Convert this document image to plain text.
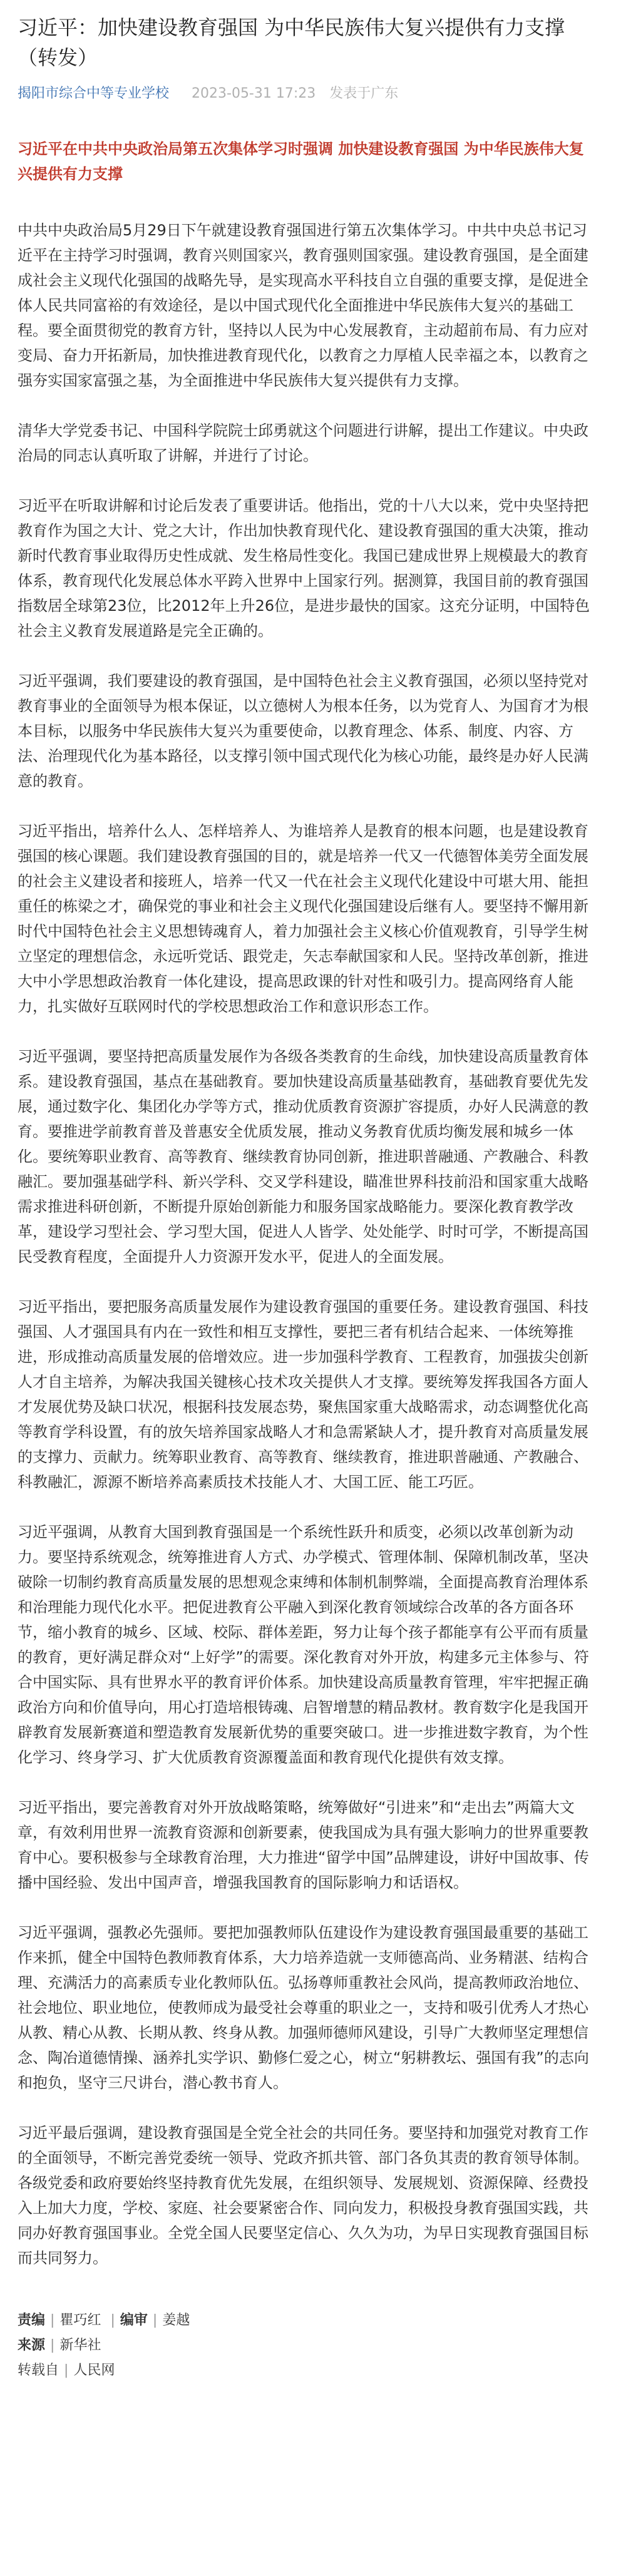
习近平：加快建设教育强国 为中华民族伟大复兴提供有力支撑（转发）
揭阳市综合中等专业学校 2023-05-31 17:23 发表于广东
习近平在中共中央政治局第五次集体学习时强调 加快建设教育强国 为中华民族伟大复兴提供有力支撑

中共中央政治局5月29日下午就建设教育强国进行第五次集体学习。中共中央总书记习近平在主持学习时强调，教育兴则国家兴，教育强则国家强。建设教育强国，是全面建成社会主义现代化强国的战略先导，是实现高水平科技自立自强的重要支撑，是促进全体人民共同富裕的有效途径，是以中国式现代化全面推进中华民族伟大复兴的基础工程。要全面贯彻党的教育方针，坚持以人民为中心发展教育，主动超前布局、有力应对变局、奋力开拓新局，加快推进教育现代化，以教育之力厚植人民幸福之本，以教育之强夯实国家富强之基，为全面推进中华民族伟大复兴提供有力支撑。

清华大学党委书记、中国科学院院士邱勇就这个问题进行讲解，提出工作建议。中央政治局的同志认真听取了讲解，并进行了讨论。

习近平在听取讲解和讨论后发表了重要讲话。他指出，党的十八大以来，党中央坚持把教育作为国之大计、党之大计，作出加快教育现代化、建设教育强国的重大决策，推动新时代教育事业取得历史性成就、发生格局性变化。我国已建成世界上规模最大的教育体系，教育现代化发展总体水平跨入世界中上国家行列。据测算，我国目前的教育强国指数居全球第23位，比2012年上升26位，是进步最快的国家。这充分证明，中国特色社会主义教育发展道路是完全正确的。

习近平强调，我们要建设的教育强国，是中国特色社会主义教育强国，必须以坚持党对教育事业的全面领导为根本保证，以立德树人为根本任务，以为党育人、为国育才为根本目标，以服务中华民族伟大复兴为重要使命，以教育理念、体系、制度、内容、方法、治理现代化为基本路径，以支撑引领中国式现代化为核心功能，最终是办好人民满意的教育。

习近平指出，培养什么人、怎样培养人、为谁培养人是教育的根本问题，也是建设教育强国的核心课题。我们建设教育强国的目的，就是培养一代又一代德智体美劳全面发展的社会主义建设者和接班人，培养一代又一代在社会主义现代化建设中可堪大用、能担重任的栋梁之才，确保党的事业和社会主义现代化强国建设后继有人。要坚持不懈用新时代中国特色社会主义思想铸魂育人，着力加强社会主义核心价值观教育，引导学生树立坚定的理想信念，永远听党话、跟党走，矢志奉献国家和人民。坚持改革创新，推进大中小学思想政治教育一体化建设，提高思政课的针对性和吸引力。提高网络育人能力，扎实做好互联网时代的学校思想政治工作和意识形态工作。

习近平强调，要坚持把高质量发展作为各级各类教育的生命线，加快建设高质量教育体系。建设教育强国，基点在基础教育。要加快建设高质量基础教育，基础教育要优先发展，通过数字化、集团化办学等方式，推动优质教育资源扩容提质，办好人民满意的教育。要推进学前教育普及普惠安全优质发展，推动义务教育优质均衡发展和城乡一体化。要统筹职业教育、高等教育、继续教育协同创新，推进职普融通、产教融合、科教融汇。要加强基础学科、新兴学科、交叉学科建设，瞄准世界科技前沿和国家重大战略需求推进科研创新，不断提升原始创新能力和服务国家战略能力。要深化教育教学改革，建设学习型社会、学习型大国，促进人人皆学、处处能学、时时可学，不断提高国民受教育程度，全面提升人力资源开发水平，促进人的全面发展。

习近平指出，要把服务高质量发展作为建设教育强国的重要任务。建设教育强国、科技强国、人才强国具有内在一致性和相互支撑性，要把三者有机结合起来、一体统筹推进，形成推动高质量发展的倍增效应。进一步加强科学教育、工程教育，加强拔尖创新人才自主培养，为解决我国关键核心技术攻关提供人才支撑。要统筹发挥我国各方面人才发展优势及缺口状况，根据科技发展态势，聚焦国家重大战略需求，动态调整优化高等教育学科设置，有的放矢培养国家战略人才和急需紧缺人才，提升教育对高质量发展的支撑力、贡献力。统筹职业教育、高等教育、继续教育，推进职普融通、产教融合、科教融汇，源源不断培养高素质技术技能人才、大国工匠、能工巧匠。

习近平强调，从教育大国到教育强国是一个系统性跃升和质变，必须以改革创新为动力。要坚持系统观念，统筹推进育人方式、办学模式、管理体制、保障机制改革，坚决破除一切制约教育高质量发展的思想观念束缚和体制机制弊端，全面提高教育治理体系和治理能力现代化水平。把促进教育公平融入到深化教育领域综合改革的各方面各环节，缩小教育的城乡、区域、校际、群体差距，努力让每个孩子都能享有公平而有质量的教育，更好满足群众对“上好学”的需要。深化教育对外开放，构建多元主体参与、符合中国实际、具有世界水平的教育评价体系。加快建设高质量教育管理，牢牢把握正确政治方向和价值导向，用心打造培根铸魂、启智增慧的精品教材。教育数字化是我国开辟教育发展新赛道和塑造教育发展新优势的重要突破口。进一步推进数字教育，为个性化学习、终身学习、扩大优质教育资源覆盖面和教育现代化提供有效支撑。

习近平指出，要完善教育对外开放战略策略，统筹做好“引进来”和“走出去”两篇大文章，有效利用世界一流教育资源和创新要素，使我国成为具有强大影响力的世界重要教育中心。要积极参与全球教育治理，大力推进“留学中国”品牌建设，讲好中国故事、传播中国经验、发出中国声音，增强我国教育的国际影响力和话语权。

习近平强调，强教必先强师。要把加强教师队伍建设作为建设教育强国最重要的基础工作来抓，健全中国特色教师教育体系，大力培养造就一支师德高尚、业务精湛、结构合理、充满活力的高素质专业化教师队伍。弘扬尊师重教社会风尚，提高教师政治地位、社会地位、职业地位，使教师成为最受社会尊重的职业之一，支持和吸引优秀人才热心从教、精心从教、长期从教、终身从教。加强师德师风建设，引导广大教师坚定理想信念、陶冶道德情操、涵养扎实学识、勤修仁爱之心，树立“躬耕教坛、强国有我”的志向和抱负，坚守三尺讲台，潜心教书育人。

习近平最后强调，建设教育强国是全党全社会的共同任务。要坚持和加强党对教育工作的全面领导，不断完善党委统一领导、党政齐抓共管、部门各负其责的教育领导体制。各级党委和政府要始终坚持教育优先发展，在组织领导、发展规划、资源保障、经费投入上加大力度，学校、家庭、社会要紧密合作、同向发力，积极投身教育强国实践，共同办好教育强国事业。全党全国人民要坚定信心、久久为功，为早日实现教育强国目标而共同努力。

责编 | 瞿巧红 | 编审 | 姜越
来源 | 新华社
转载自 | 人民网
